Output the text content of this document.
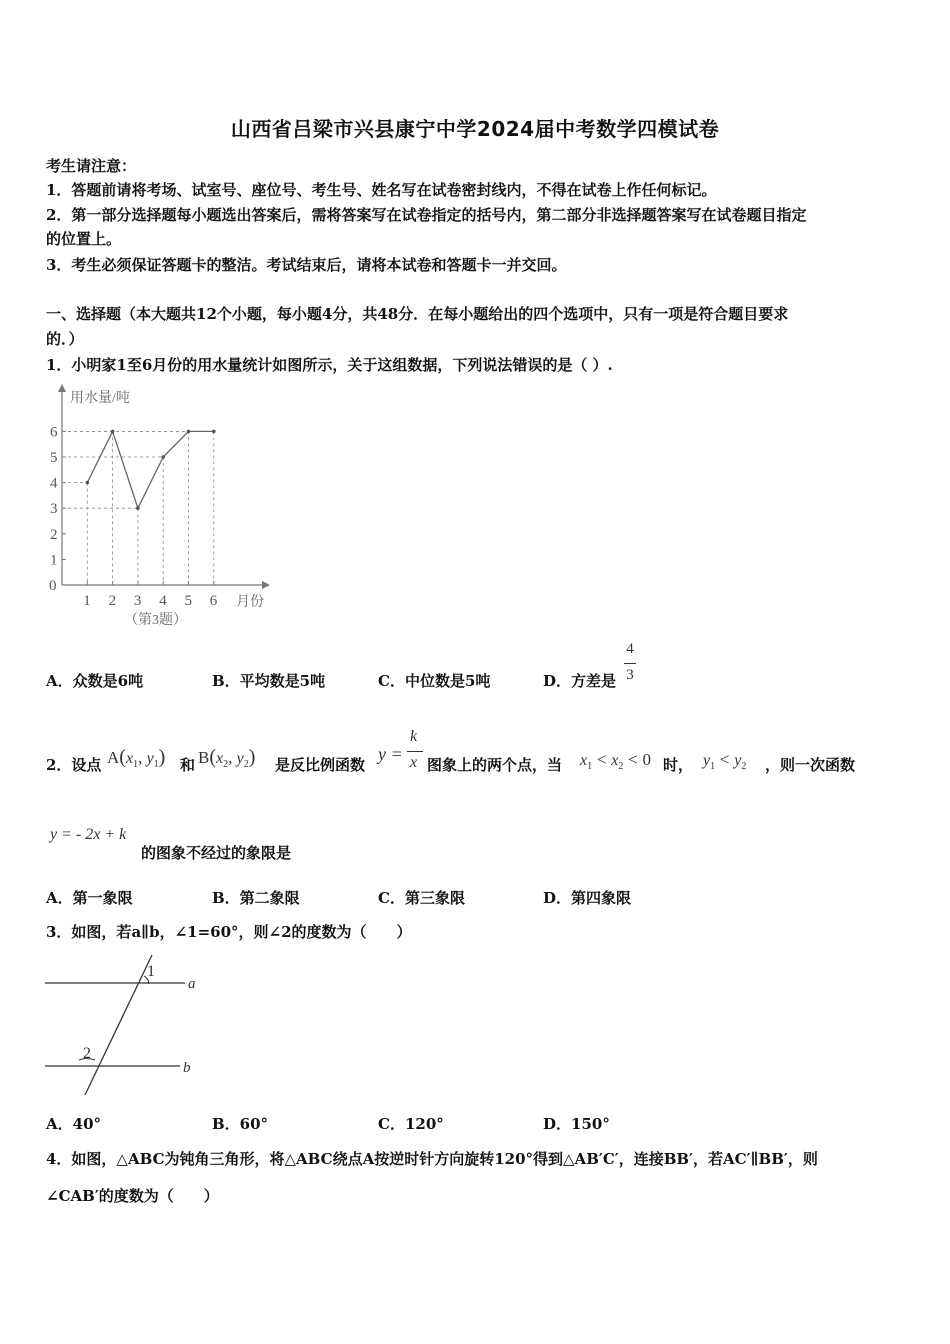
山西省吕梁市兴县康宁中学2024届中考数学四模试卷
考生请注意：
1．答题前请将考场、试室号、座位号、考生号、姓名写在试卷密封线内，不得在试卷上作任何标记。
2．第一部分选择题每小题选出答案后，需将答案写在试卷指定的括号内，第二部分非选择题答案写在试卷题目指定
的位置上。
3．考生必须保证答题卡的整洁。考试结束后，请将本试卷和答题卡一并交回。
一、选择题（本大题共12个小题，每小题4分，共48分．在每小题给出的四个选项中，只有一项是符合题目要求
的．）
1．小明家1至6月份的用水量统计如图所示，关于这组数据，下列说法错误的是（ ）.
0
1
2
3
4
5
6
1 2 3 4 5 6
用水量/吨
月份
（第3题）
A．众数是6吨	B．平均数是5吨	C．中位数是5吨	D．方差是
4
3
2．设点 $A(x_1$, $y_1$) 和 $B(x_2$, $y_2$) 是反比例函数
y =
k
x 图象上的两个点，当 $x_1 < x_2 < 0$ 时， $y_1 < y_2$ ，则一次函数
y = - 2x + k
的图象不经过的象限是
A．第一象限	B．第二象限	C．第三象限	D．第四象限
3．如图，若a∥b，∠1=60°，则∠2的度数为（　　）
1
2
a
b
A．40°	B．60°	C．120°	D．150°
4．如图，△ABC为钝角三角形，将△ABC绕点A按逆时针方向旋转120°得到△AB′C′，连接BB′，若AC′∥BB′，则
∠CAB′的度数为（　　）
